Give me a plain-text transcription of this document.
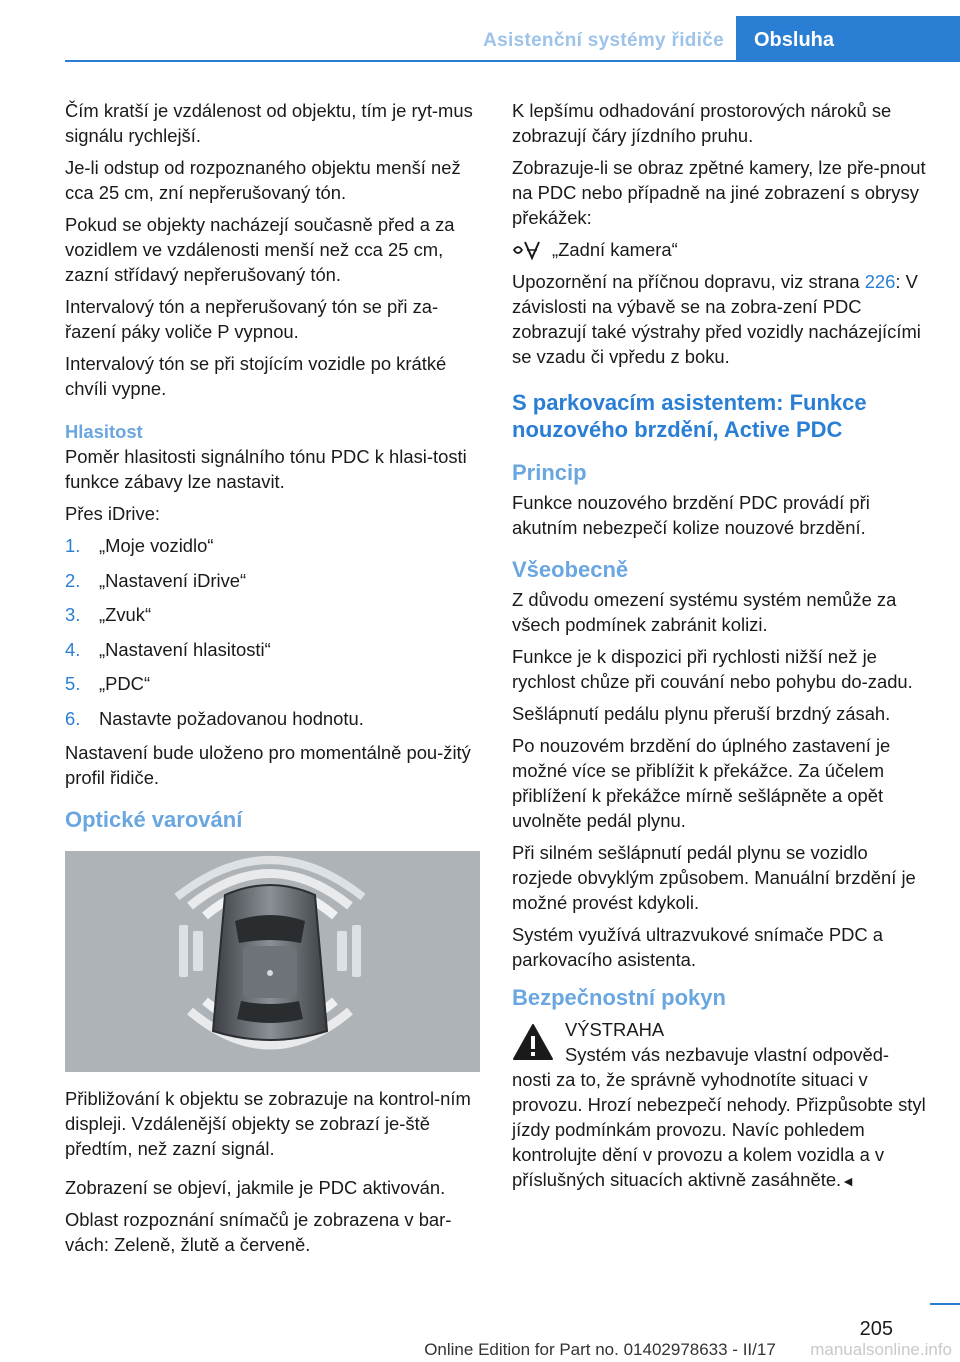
Asistenční systémy řidiče	Obsluha

Čím kratší je vzdálenost od objektu, tím je ryt‐mus signálu rychlejší.

Je-li odstup od rozpoznaného objektu menší než cca 25 cm, zní nepřerušovaný tón.

Pokud se objekty nacházejí současně před a za vozidlem ve vzdálenosti menší než cca 25 cm, zazní střídavý nepřerušovaný tón.

Intervalový tón a nepřerušovaný tón se při za‐řazení páky voliče P vypnou.

Intervalový tón se při stojícím vozidle po krátké chvíli vypne.

Hlasitost

Poměr hlasitosti signálního tónu PDC k hlasi‐tosti funkce zábavy lze nastavit.

Přes iDrive:

1.	„Moje vozidlo“
2.	„Nastavení iDrive“
3.	„Zvuk“
4.	„Nastavení hlasitosti“
5.	„PDC“
6.	Nastavte požadovanou hodnotu.

Nastavení bude uloženo pro momentálně pou‐žitý profil řidiče.

Optické varování

Přibližování k objektu se zobrazuje na kontrol‐ním displeji. Vzdálenější objekty se zobrazí je‐ště předtím, než zazní signál.

Zobrazení se objeví, jakmile je PDC aktivován.

Oblast rozpoznání snímačů je zobrazena v bar‐vách: Zeleně, žlutě a červeně.

K lepšímu odhadování prostorových nároků se zobrazují čáry jízdního pruhu.

Zobrazuje-li se obraz zpětné kamery, lze pře‐pnout na PDC nebo případně na jiné zobrazení s obrysy překážek:

„Zadní kamera“

Upozornění na příčnou dopravu, viz strana 226: V závislosti na výbavě se na zobra‐zení PDC zobrazují také výstrahy před vozidly nacházejícími se vzadu či vpředu z boku.

S parkovacím asistentem: Funkce nouzového brzdění, Active PDC
Princip

Funkce nouzového brzdění PDC provádí při akutním nebezpečí kolize nouzové brzdění.

Všeobecně

Z důvodu omezení systému systém nemůže za všech podmínek zabránit kolizi.

Funkce je k dispozici při rychlosti nižší než je rychlost chůze při couvání nebo pohybu do‐zadu.

Sešlápnutí pedálu plynu přeruší brzdný zásah.

Po nouzovém brzdění do úplného zastavení je možné více se přiblížit k překážce. Za účelem přiblížení k překážce mírně sešlápněte a opět uvolněte pedál plynu.

Při silném sešlápnutí pedál plynu se vozidlo rozjede obvyklým způsobem. Manuální brzdění je možné provést kdykoli.

Systém využívá ultrazvukové snímače PDC a parkovacího asistenta.

Bezpečnostní pokyn
VÝSTRAHA
Systém vás nezbavuje vlastní odpověd‐
nosti za to, že správně vyhodnotíte situaci v provozu. Hrozí nebezpečí nehody. Přizpůsobte styl jízdy podmínkám provozu. Navíc pohledem kontrolujte dění v provozu a kolem vozidla a v příslušných situacích aktivně zasáhněte.◄
205
Online Edition for Part no. 01402978633 - II/17	manualsonline.info
